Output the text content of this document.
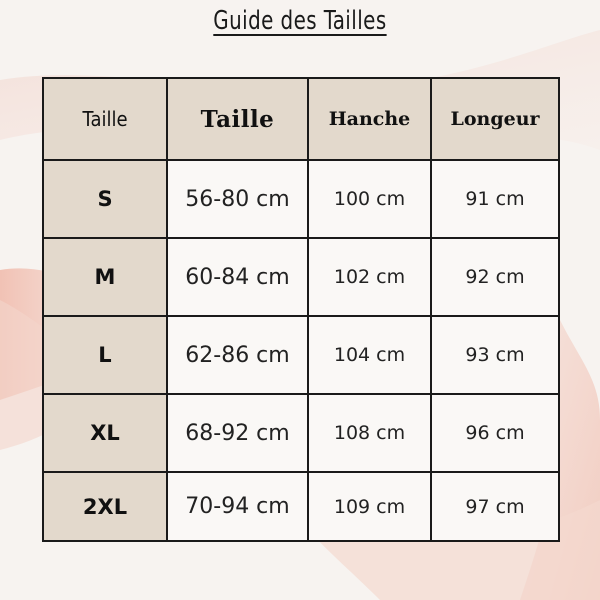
Guide des Tailles
Taille	Taille	Hanche	Longeur
S	56-80 cm	100 cm	91 cm
M	60-84 cm	102 cm	92 cm
L	62-86 cm	104 cm	93 cm
XL	68-92 cm	108 cm	96 cm
2XL	70-94 cm	109 cm	97 cm
